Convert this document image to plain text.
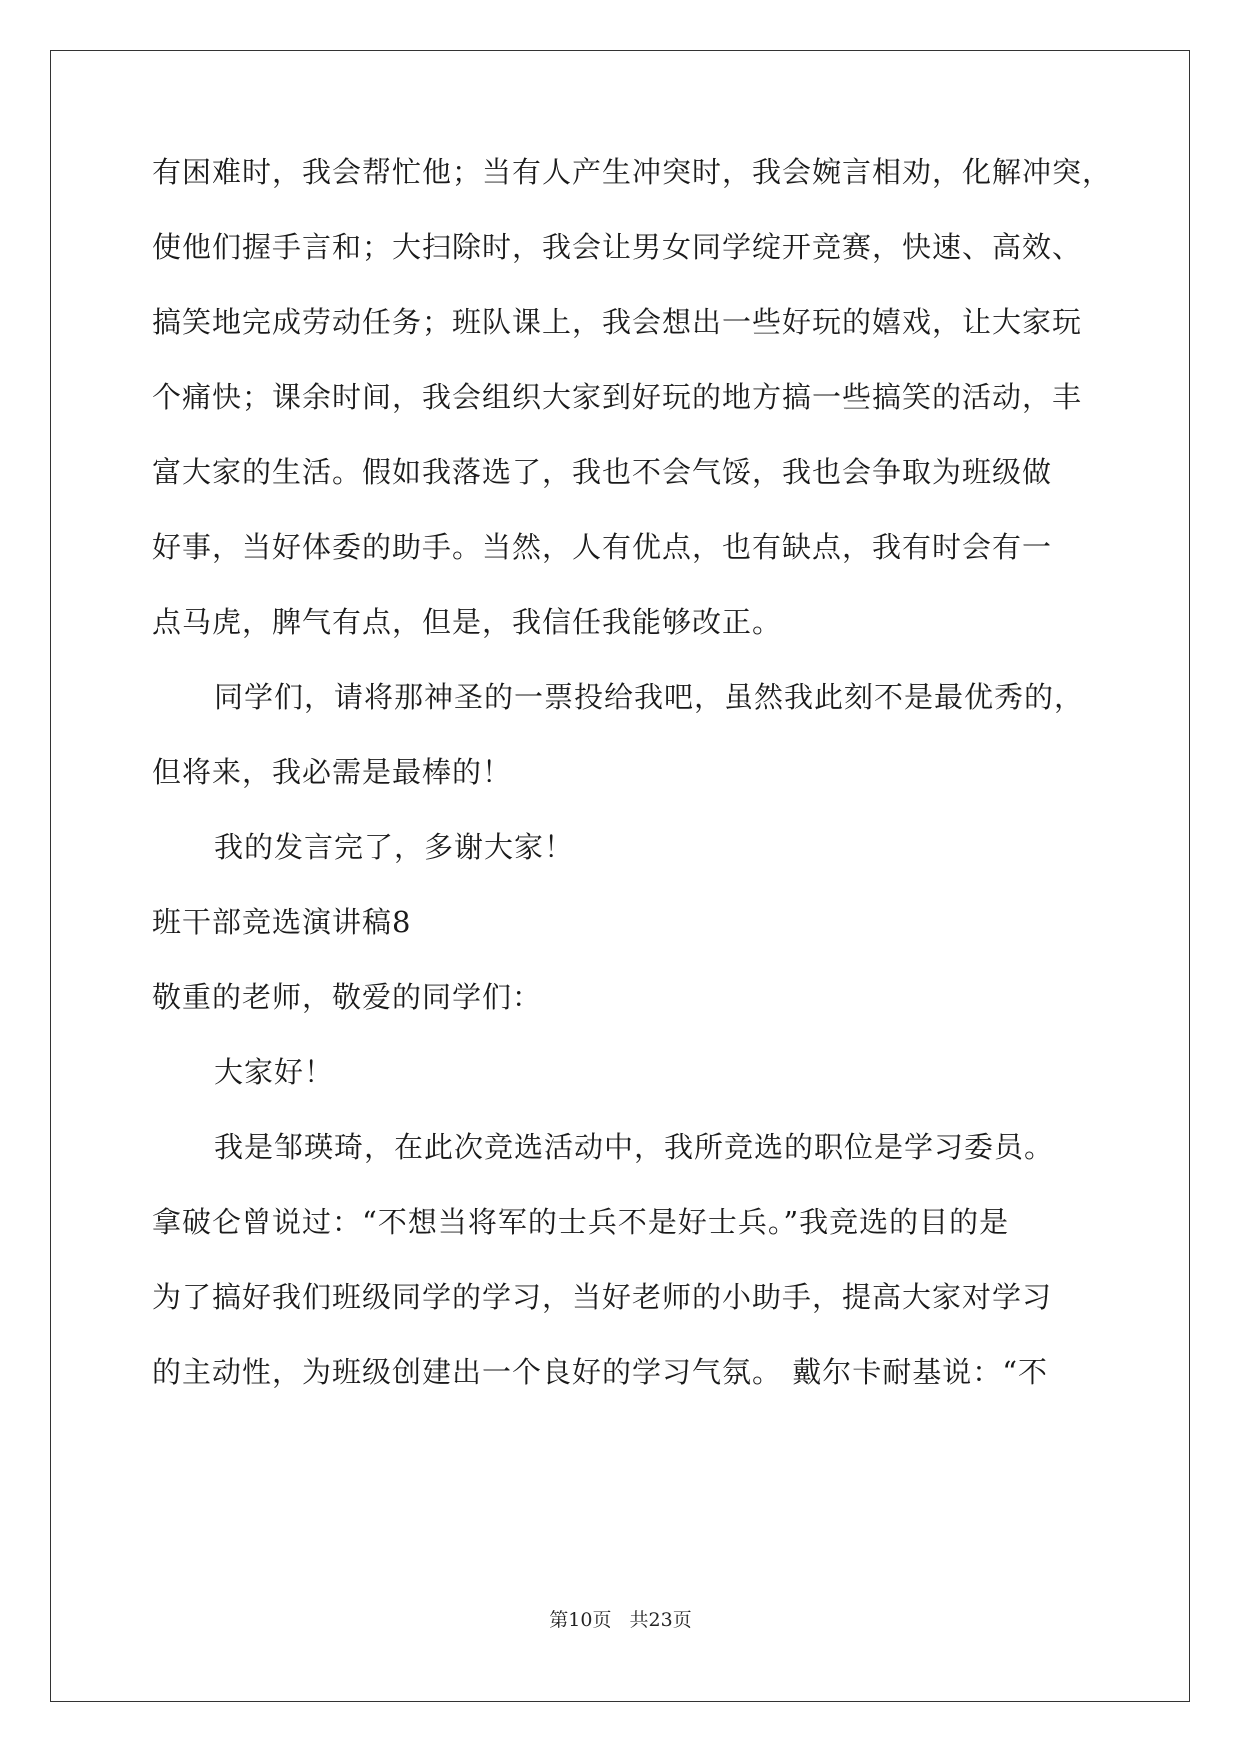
有困难时，我会帮忙他；当有人产生冲突时，我会婉言相劝，化解冲突，
使他们握手言和；大扫除时，我会让男女同学绽开竞赛，快速、高效、
搞笑地完成劳动任务；班队课上，我会想出一些好玩的嬉戏，让大家玩
个痛快；课余时间，我会组织大家到好玩的地方搞一些搞笑的活动，丰
富大家的生活。假如我落选了，我也不会气馁，我也会争取为班级做
好事，当好体委的助手。当然，人有优点，也有缺点，我有时会有一
点马虎，脾气有点，但是，我信任我能够改正。
同学们，请将那神圣的一票投给我吧，虽然我此刻不是最优秀的，
但将来，我必需是最棒的！
我的发言完了，多谢大家！
班干部竞选演讲稿8
敬重的老师，敬爱的同学们：
大家好！
我是邹瑛琦，在此次竞选活动中，我所竞选的职位是学习委员。
拿破仑曾说过：“不想当将军的士兵不是好士兵。”我竞选的目的是
为了搞好我们班级同学的学习，当好老师的小助手，提高大家对学习
的主动性，为班级创建出一个良好的学习气氛。 戴尔卡耐基说：“不
第10页 共23页
